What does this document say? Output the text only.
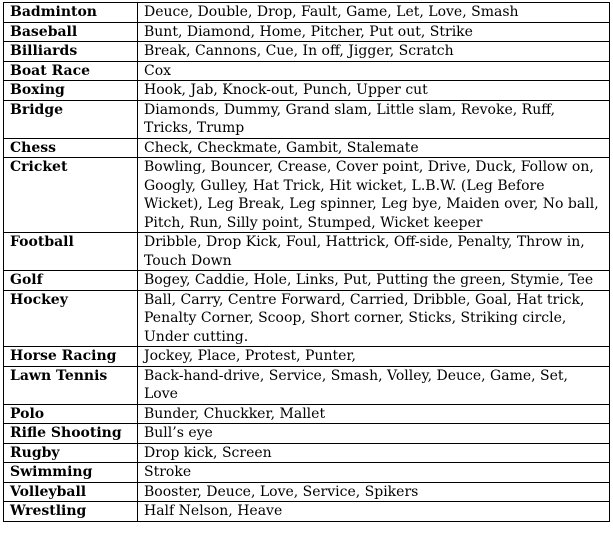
Badminton	Deuce, Double, Drop, Fault, Game, Let, Love, Smash
Baseball	Bunt, Diamond, Home, Pitcher, Put out, Strike
Billiards	Break, Cannons, Cue, In off, Jigger, Scratch
Boat Race	Cox
Boxing	Hook, Jab, Knock-out, Punch, Upper cut
Bridge	Diamonds, Dummy, Grand slam, Little slam, Revoke, Ruff, Tricks, Trump
Chess	Check, Checkmate, Gambit, Stalemate
Cricket	Bowling, Bouncer, Crease, Cover point, Drive, Duck, Follow on, Googly, Gulley, Hat Trick, Hit wicket, L.B.W. (Leg Before Wicket), Leg Break, Leg spinner, Leg bye, Maiden over, No ball, Pitch, Run, Silly point, Stumped, Wicket keeper
Football	Dribble, Drop Kick, Foul, Hattrick, Off-side, Penalty, Throw in, Touch Down
Golf	Bogey, Caddie, Hole, Links, Put, Putting the green, Stymie, Tee
Hockey	Ball, Carry, Centre Forward, Carried, Dribble, Goal, Hat trick, Penalty Corner, Scoop, Short corner, Sticks, Striking circle, Under cutting.
Horse Racing	Jockey, Place, Protest, Punter,
Lawn Tennis	Back-hand-drive, Service, Smash, Volley, Deuce, Game, Set, Love
Polo	Bunder, Chuckker, Mallet
Rifle Shooting	Bull’s eye
Rugby	Drop kick, Screen
Swimming	Stroke
Volleyball	Booster, Deuce, Love, Service, Spikers
Wrestling	Half Nelson, Heave
